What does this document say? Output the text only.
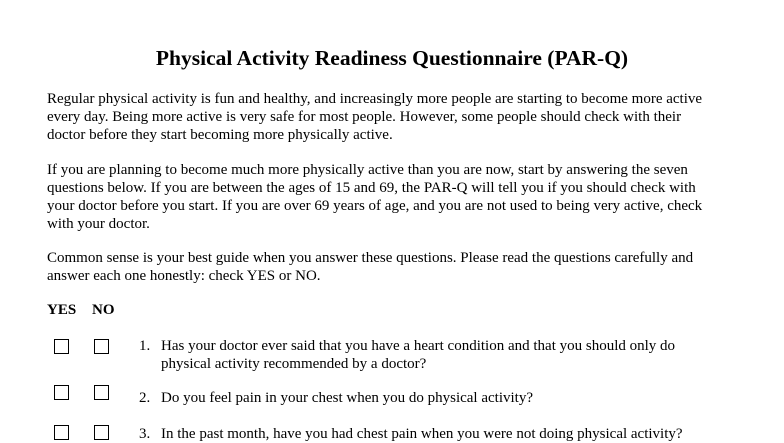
Physical Activity Readiness Questionnaire (PAR-Q)

Regular physical activity is fun and healthy, and increasingly more people are starting to become more active
every day. Being more active is very safe for most people. However, some people should check with their
doctor before they start becoming more physically active.

If you are planning to become much more physically active than you are now, start by answering the seven
questions below. If you are between the ages of 15 and 69, the PAR-Q will tell you if you should check with
your doctor before you start. If you are over 69 years of age, and you are not used to being very active, check
with your doctor.

Common sense is your best guide when you answer these questions. Please read the questions carefully and
answer each one honestly: check YES or NO.

YES NO
1. Has your doctor ever said that you have a heart condition and that you should only do
physical activity recommended by a doctor?
2. Do you feel pain in your chest when you do physical activity?
3. In the past month, have you had chest pain when you were not doing physical activity?
